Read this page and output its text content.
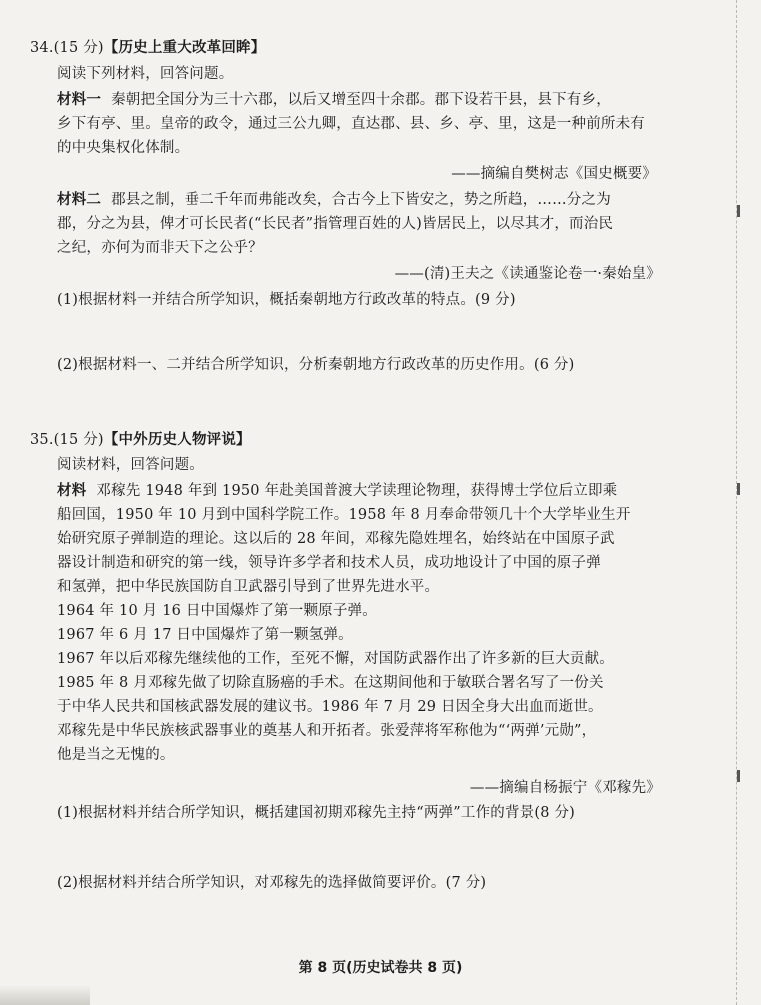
34.(15 分)【历史上重大改革回眸】
阅读下列材料，回答问题。
材料一 秦朝把全国分为三十六郡，以后又增至四十余郡。郡下设若干县，县下有乡，
乡下有亭、里。皇帝的政令，通过三公九卿，直达郡、县、乡、亭、里，这是一种前所未有
的中央集权化体制。
——摘编自樊树志《国史概要》
材料二 郡县之制，垂二千年而弗能改矣，合古今上下皆安之，势之所趋，……分之为
郡，分之为县，俾才可长民者(“长民者”指管理百姓的人)皆居民上，以尽其才，而治民
之纪，亦何为而非天下之公乎？
——(清)王夫之《读通鉴论卷一·秦始皇》
(1)根据材料一并结合所学知识，概括秦朝地方行政改革的特点。(9 分)
(2)根据材料一、二并结合所学知识，分析秦朝地方行政改革的历史作用。(6 分)
35.(15 分)【中外历史人物评说】
阅读材料，回答问题。
材料 邓稼先 1948 年到 1950 年赴美国普渡大学读理论物理，获得博士学位后立即乘
船回国，1950 年 10 月到中国科学院工作。1958 年 8 月奉命带领几十个大学毕业生开
始研究原子弹制造的理论。这以后的 28 年间，邓稼先隐姓埋名，始终站在中国原子武
器设计制造和研究的第一线，领导许多学者和技术人员，成功地设计了中国的原子弹
和氢弹，把中华民族国防自卫武器引导到了世界先进水平。
1964 年 10 月 16 日中国爆炸了第一颗原子弹。
1967 年 6 月 17 日中国爆炸了第一颗氢弹。
1967 年以后邓稼先继续他的工作，至死不懈，对国防武器作出了许多新的巨大贡献。
1985 年 8 月邓稼先做了切除直肠癌的手术。在这期间他和于敏联合署名写了一份关
于中华人民共和国核武器发展的建议书。1986 年 7 月 29 日因全身大出血而逝世。
邓稼先是中华民族核武器事业的奠基人和开拓者。张爱萍将军称他为“‘两弹’元勋”，
他是当之无愧的。
——摘编自杨振宁《邓稼先》
(1)根据材料并结合所学知识，概括建国初期邓稼先主持“两弹”工作的背景(8 分)
(2)根据材料并结合所学知识，对邓稼先的选择做简要评价。(7 分)
第 8 页(历史试卷共 8 页)
